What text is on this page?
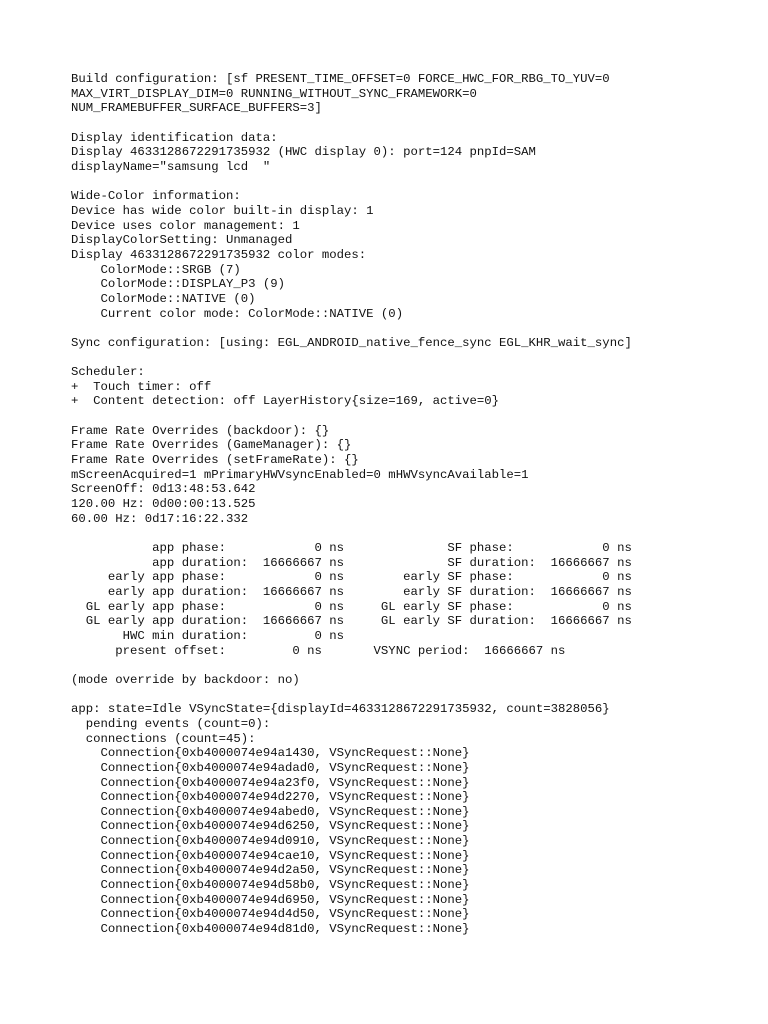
Build configuration: [sf PRESENT_TIME_OFFSET=0 FORCE_HWC_FOR_RBG_TO_YUV=0
MAX_VIRT_DISPLAY_DIM=0 RUNNING_WITHOUT_SYNC_FRAMEWORK=0
NUM_FRAMEBUFFER_SURFACE_BUFFERS=3]

Display identification data:
Display 4633128672291735932 (HWC display 0): port=124 pnpId=SAM
displayName="samsung lcd  "

Wide-Color information:
Device has wide color built-in display: 1
Device uses color management: 1
DisplayColorSetting: Unmanaged
Display 4633128672291735932 color modes:
ColorMode::SRGB (7)
ColorMode::DISPLAY_P3 (9)
ColorMode::NATIVE (0)
Current color mode: ColorMode::NATIVE (0)

Sync configuration: [using: EGL_ANDROID_native_fence_sync EGL_KHR_wait_sync]

Scheduler:
+  Touch timer: off
+  Content detection: off LayerHistory{size=169, active=0}

Frame Rate Overrides (backdoor): {}
Frame Rate Overrides (GameManager): {}
Frame Rate Overrides (setFrameRate): {}
mScreenAcquired=1 mPrimaryHWVsyncEnabled=0 mHWVsyncAvailable=1
ScreenOff: 0d13:48:53.642
120.00 Hz: 0d00:00:13.525
60.00 Hz: 0d17:16:22.332

app phase:            0 ns              SF phase:            0 ns
app duration:  16666667 ns              SF duration:  16666667 ns
early app phase:            0 ns        early SF phase:            0 ns
early app duration:  16666667 ns        early SF duration:  16666667 ns
GL early app phase:            0 ns     GL early SF phase:            0 ns
GL early app duration:  16666667 ns     GL early SF duration:  16666667 ns
HWC min duration:         0 ns
present offset:         0 ns       VSYNC period:  16666667 ns

(mode override by backdoor: no)

app: state=Idle VSyncState={displayId=4633128672291735932, count=3828056}
pending events (count=0):
connections (count=45):
Connection{0xb4000074e94a1430, VSyncRequest::None}
Connection{0xb4000074e94adad0, VSyncRequest::None}
Connection{0xb4000074e94a23f0, VSyncRequest::None}
Connection{0xb4000074e94d2270, VSyncRequest::None}
Connection{0xb4000074e94abed0, VSyncRequest::None}
Connection{0xb4000074e94d6250, VSyncRequest::None}
Connection{0xb4000074e94d0910, VSyncRequest::None}
Connection{0xb4000074e94cae10, VSyncRequest::None}
Connection{0xb4000074e94d2a50, VSyncRequest::None}
Connection{0xb4000074e94d58b0, VSyncRequest::None}
Connection{0xb4000074e94d6950, VSyncRequest::None}
Connection{0xb4000074e94d4d50, VSyncRequest::None}
Connection{0xb4000074e94d81d0, VSyncRequest::None}
